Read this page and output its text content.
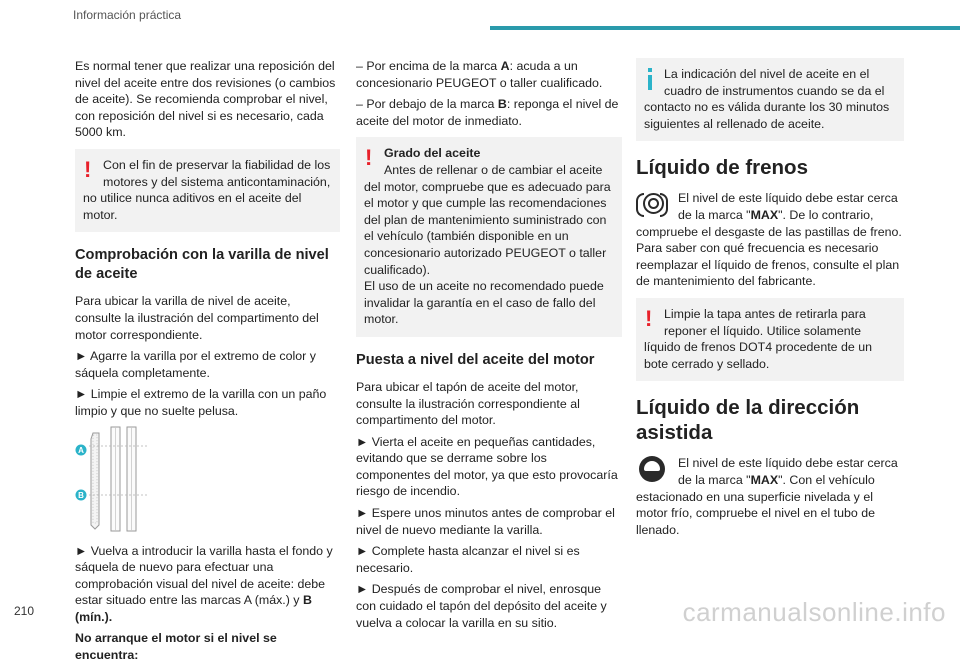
Información práctica

Es normal tener que realizar una reposición del nivel del aceite entre dos revisiones (o cambios de aceite). Se recomienda comprobar el nivel, con reposición del nivel si es necesario, cada 5000 km.

! Con el fin de preservar la fiabilidad de los motores y del sistema anticontaminación, no utilice nunca aditivos en el aceite del motor.
Comprobación con la varilla de nivel de aceite

Para ubicar la varilla de nivel de aceite, consulte la ilustración del compartimento del motor correspondiente.

► Agarre la varilla por el extremo de color y sáquela completamente.

► Limpie el extremo de la varilla con un paño limpio y que no suelte pelusa.

A
B

► Vuelva a introducir la varilla hasta el fondo y sáquela de nuevo para efectuar una comprobación visual del nivel de aceite: debe estar situado entre las marcas A (máx.) y B (mín.).

No arranque el motor si el nivel se encuentra:

– Por encima de la marca A: acuda a un concesionario PEUGEOT o taller cualificado.

– Por debajo de la marca B: reponga el nivel de aceite del motor de inmediato.

! Grado del aceite
Antes de rellenar o de cambiar el aceite del motor, compruebe que es adecuado para el motor y que cumple las recomendaciones del plan de mantenimiento suministrado con el vehículo (también disponible en un concesionario autorizado PEUGEOT o taller cualificado).
El uso de un aceite no recomendado puede invalidar la garantía en el caso de fallo del motor.
Puesta a nivel del aceite del motor

Para ubicar el tapón de aceite del motor, consulte la ilustración correspondiente al compartimento del motor.

► Vierta el aceite en pequeñas cantidades, evitando que se derrame sobre los componentes del motor, ya que esto provocaría riesgo de incendio.

► Espere unos minutos antes de comprobar el nivel de nuevo mediante la varilla.

► Complete hasta alcanzar el nivel si es necesario.

► Después de comprobar el nivel, enrosque con cuidado el tapón del depósito del aceite y vuelva a colocar la varilla en su sitio.

La indicación del nivel de aceite en el cuadro de instrumentos cuando se da el contacto no es válida durante los 30 minutos siguientes al rellenado de aceite.
Líquido de frenos
El nivel de este líquido debe estar cerca de la marca "MAX". De lo contrario, compruebe el desgaste de las pastillas de freno.

Para saber con qué frecuencia es necesario reemplazar el líquido de frenos, consulte el plan de mantenimiento del fabricante.

! Limpie la tapa antes de retirarla para reponer el líquido. Utilice solamente líquido de frenos DOT4 procedente de un bote cerrado y sellado.
Líquido de la dirección asistida
El nivel de este líquido debe estar cerca de la marca "MAX". Con el vehículo estacionado en una superficie nivelada y el motor frío, compruebe el nivel en el tubo de llenado.
210	carmanualsonline.info
